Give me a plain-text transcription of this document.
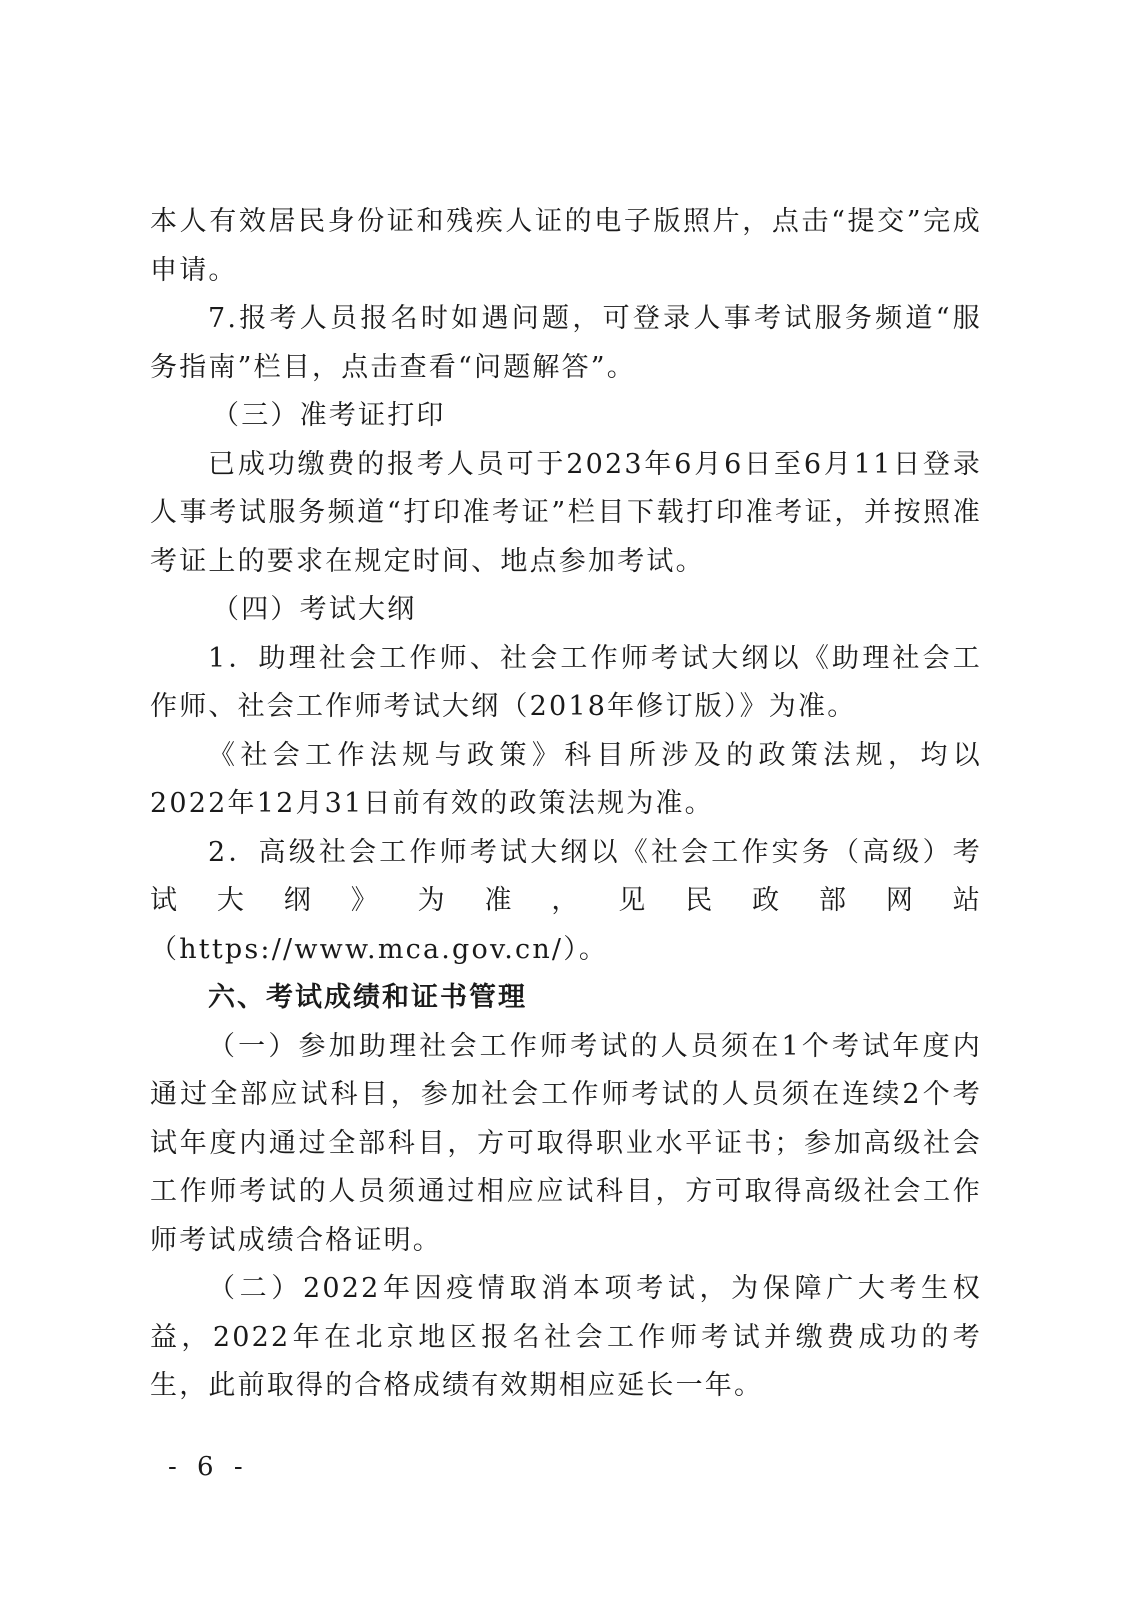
本人有效居民身份证和残疾人证的电子版照片，点击“提交”完成申请。

7.报考人员报名时如遇问题，可登录人事考试服务频道“服务指南”栏目，点击查看“问题解答”。

（三）准考证打印

已成功缴费的报考人员可于2023年6月6日至6月11日登录人事考试服务频道“打印准考证”栏目下载打印准考证，并按照准考证上的要求在规定时间、地点参加考试。

（四）考试大纲

1．助理社会工作师、社会工作师考试大纲以《助理社会工作师、社会工作师考试大纲（2018年修订版）》为准。

《社会工作法规与政策》科目所涉及的政策法规，均以2022年12月31日前有效的政策法规为准。

2．高级社会工作师考试大纲以《社会工作实务（高级）考试大纲》为准，见民政部网站（https://www.mca.gov.cn/）。

六、考试成绩和证书管理

（一）参加助理社会工作师考试的人员须在1个考试年度内通过全部应试科目，参加社会工作师考试的人员须在连续2个考试年度内通过全部科目，方可取得职业水平证书；参加高级社会工作师考试的人员须通过相应应试科目，方可取得高级社会工作师考试成绩合格证明。

（二）2022年因疫情取消本项考试，为保障广大考生权益，2022年在北京地区报名社会工作师考试并缴费成功的考生，此前取得的合格成绩有效期相应延长一年。

- 6 -
